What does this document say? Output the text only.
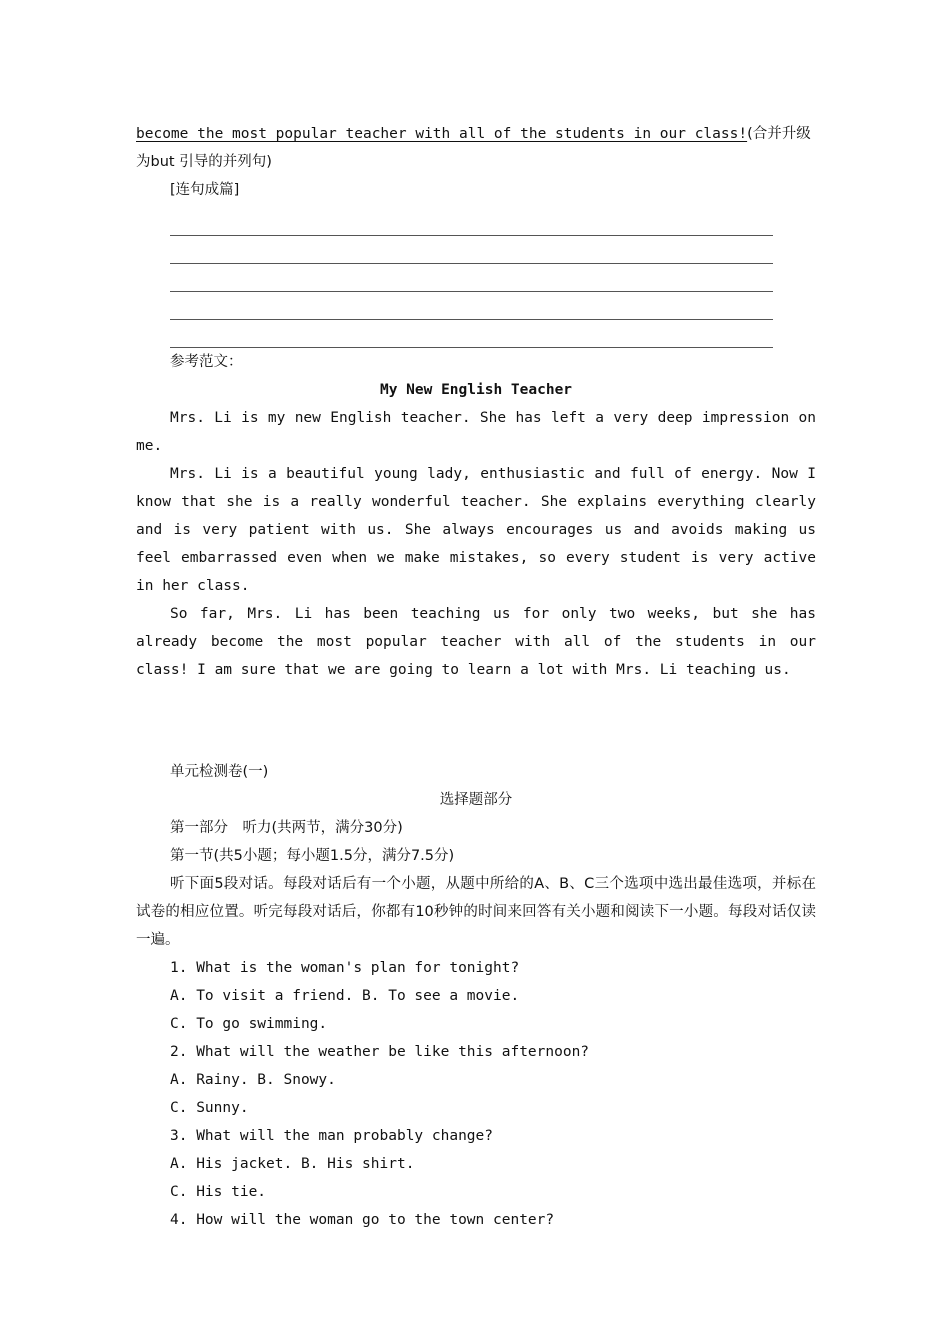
become the most popular teacher with all of the students in our class!(合并升级
为but 引导的并列句)
[连句成篇]
参考范文：
My New English Teacher
Mrs. Li is my new English teacher. She has left a very deep impression on me.
Mrs. Li is a beautiful young lady, enthusiastic and full of energy. Now I know that she is a really wonderful teacher. She explains everything clearly and is very patient with us. She always encourages us and avoids making us feel embarrassed even when we make mistakes, so every student is very active in her class.
So far, Mrs. Li has been teaching us for only two weeks, but she has already become the most popular teacher with all of the students in our class! I am sure that we are going to learn a lot with Mrs. Li teaching us.
单元检测卷(一)
选择题部分
第一部分　听力(共两节，满分30分)
第一节(共5小题；每小题1.5分，满分7.5分)
听下面5段对话。每段对话后有一个小题，从题中所给的A、B、C三个选项中选出最佳选项，并标在试卷的相应位置。听完每段对话后，你都有10秒钟的时间来回答有关小题和阅读下一小题。每段对话仅读一遍。
1. What is the woman's plan for tonight?
A. To visit a friend. B. To see a movie.
C. To go swimming.
2. What will the weather be like this afternoon?
A. Rainy. B. Snowy.
C. Sunny.
3. What will the man probably change?
A. His jacket. B. His shirt.
C. His tie.
4. How will the woman go to the town center?
